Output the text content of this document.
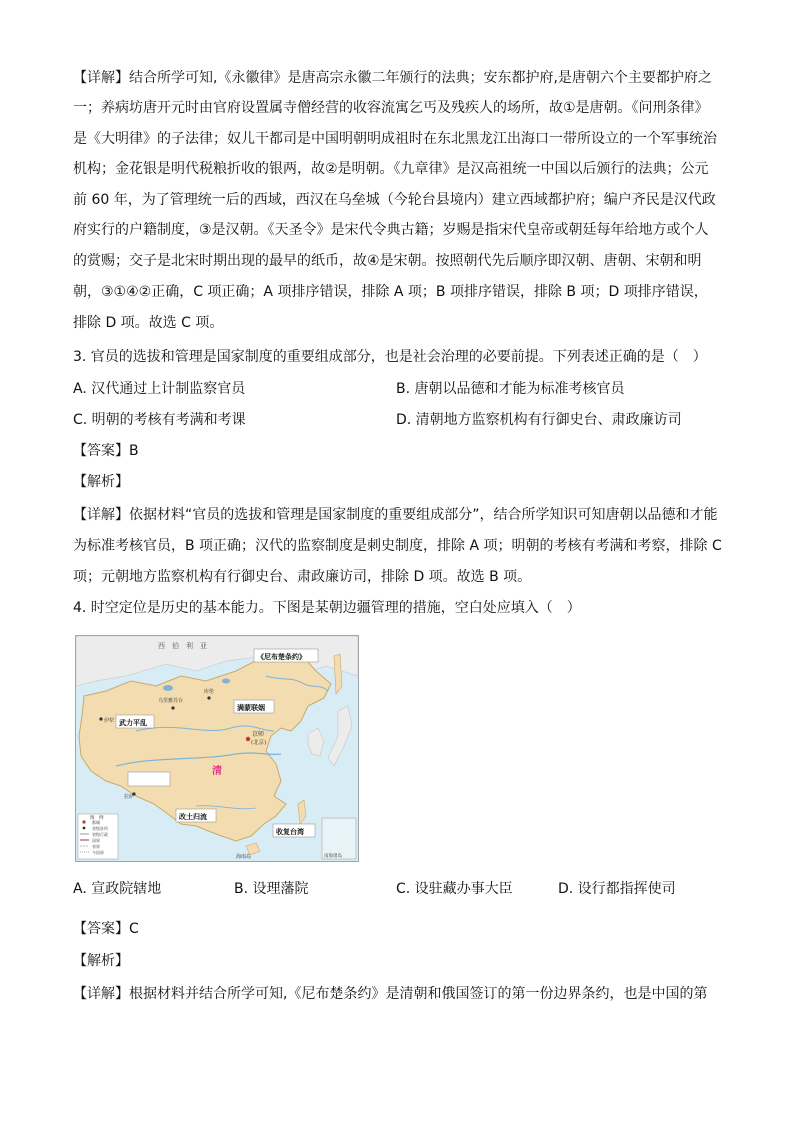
【详解】结合所学可知,《永徽律》是唐高宗永徽二年颁行的法典；安东都护府,是唐朝六个主要都护府之
一；养病坊唐开元时由官府设置属寺僧经营的收容流寓乞丐及残疾人的场所，故①是唐朝。《问刑条律》
是《大明律》的子法律；奴儿干都司是中国明朝明成祖时在东北黑龙江出海口一带所设立的一个军事统治
机构；金花银是明代税粮折收的银两，故②是明朝。《九章律》是汉高祖统一中国以后颁行的法典；公元
前 60 年，为了管理统一后的西域，西汉在乌垒城（今轮台县境内）建立西域都护府；编户齐民是汉代政
府实行的户籍制度，③是汉朝。《天圣令》是宋代令典古籍；岁赐是指宋代皇帝或朝廷每年给地方或个人
的赏赐；交子是北宋时期出现的最早的纸币，故④是宋朝。按照朝代先后顺序即汉朝、唐朝、宋朝和明
朝，③①④②正确，C 项正确；A 项排序错误，排除 A 项；B 项排序错误，排除 B 项；D 项排序错误，
排除 D 项。故选 C 项。
3. 官员的选拔和管理是国家制度的重要组成部分，也是社会治理的必要前提。下列表述正确的是（　）
A. 汉代通过上计制监察官员	B. 唐朝以品德和才能为标准考核官员
C. 明朝的考核有考满和考课	D. 清朝地方监察机构有行御史台、肃政廉访司
【答案】B
【解析】
【详解】依据材料“官员的选拔和管理是国家制度的重要组成部分”，结合所学知识可知唐朝以品德和才能
为标准考核官员，B 项正确；汉代的监察制度是刺史制度，排除 A 项；明朝的考核有考满和考察，排除 C
项；元朝地方监察机构有行御史台、肃政廉访司，排除 D 项。故选 B 项。
4. 时空定位是历史的基本能力。下图是某朝边疆管理的措施，空白处应填入（　）
西　伯　利　亚
《尼布楚条约》
满蒙联姻
武力平乱
清
改土归流
收复台湾
京师
(北京)
乌里雅苏台
库伦
伊犁
拉萨
海南岛	南海诸岛
图　例
都城
省级驻所
省级行政
国界
省界
今国界
A. 宣政院辖地	B. 设理藩院	C. 设驻藏办事大臣	D. 设行都指挥使司
【答案】C
【解析】
【详解】根据材料并结合所学可知,《尼布楚条约》是清朝和俄国签订的第一份边界条约，也是中国的第
